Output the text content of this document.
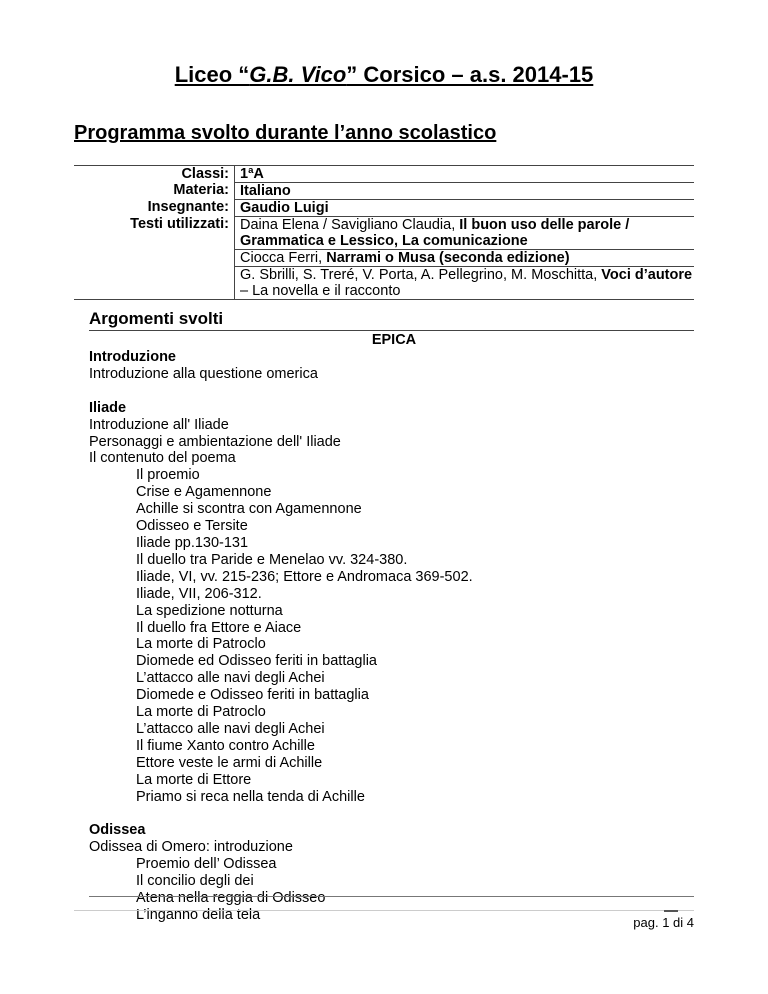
Liceo “G.B. Vico” Corsico – a.s. 2014-15
Programma svolto durante l’anno scolastico
Classi: 1ªA
Materia: Italiano
Insegnante: Gaudio Luigi
Testi utilizzati: Daina Elena / Savigliano Claudia, Il buon uso delle parole / Grammatica e Lessico, La comunicazione
Ciocca Ferri, Narrami o Musa (seconda edizione)
G. Sbrilli, S. Treré, V. Porta, A. Pellegrino, M. Moschitta, Voci d’autore – La novella e il racconto
Argomenti svolti
EPICA
Introduzione
Introduzione alla questione omerica
Iliade
Introduzione all' Iliade
Personaggi e ambientazione dell' Iliade
Il contenuto del poema
Il proemio
Crise e Agamennone
Achille si scontra con Agamennone
Odisseo e Tersite
Iliade pp.130-131
Il duello tra Paride e Menelao vv. 324-380.
Iliade, VI, vv. 215-236; Ettore e Andromaca 369-502.
Iliade, VII, 206-312.
La spedizione notturna
Il duello fra Ettore e Aiace
La morte di Patroclo
Diomede ed Odisseo feriti in battaglia
L’attacco alle navi degli Achei
Diomede e Odisseo feriti in battaglia
La morte di Patroclo
L’attacco alle navi degli Achei
Il fiume Xanto contro Achille
Ettore veste le armi di Achille
La morte di Ettore
Priamo si reca nella tenda di Achille
Odissea
Odissea di Omero: introduzione
Proemio dell’ Odissea
Il concilio degli dei
Atena nella reggia di Odisseo
L’inganno della tela	pag. 1 di 4
